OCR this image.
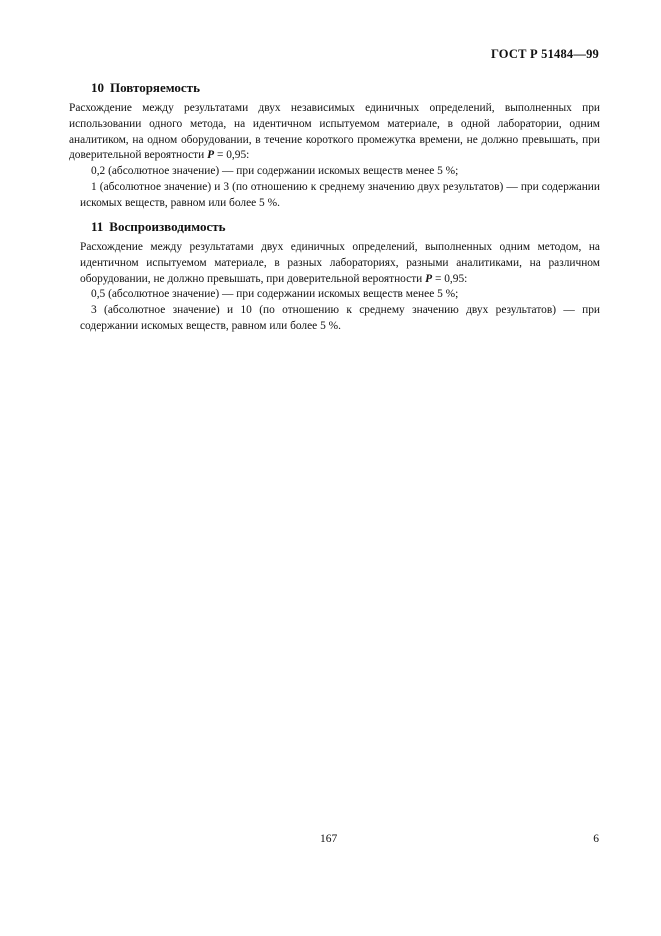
ГОСТ Р 51484—99
10 Повторяемость

Расхождение между результатами двух независимых единичных определений, выполненных при использовании одного метода, на идентичном испытуемом материале, в одной лаборатории, одним аналитиком, на одном оборудовании, в течение короткого промежутка времени, не должно превышать, при доверительной вероятности P = 0,95:

0,2 (абсолютное значение) — при содержании искомых веществ менее 5 %;

1 (абсолютное значение) и 3 (по отношению к среднему значению двух результатов) — при содержании искомых веществ, равном или более 5 %.

11 Воспроизводимость

Расхождение между результатами двух единичных определений, выполненных одним методом, на идентичном испытуемом материале, в разных лабораториях, разными аналитиками, на различном оборудовании, не должно превышать, при доверительной вероятности P = 0,95:

0,5 (абсолютное значение) — при содержании искомых веществ менее 5 %;

3 (абсолютное значение) и 10 (по отношению к среднему значению двух результатов) — при содержании искомых веществ, равном или более 5 %.

167	6
